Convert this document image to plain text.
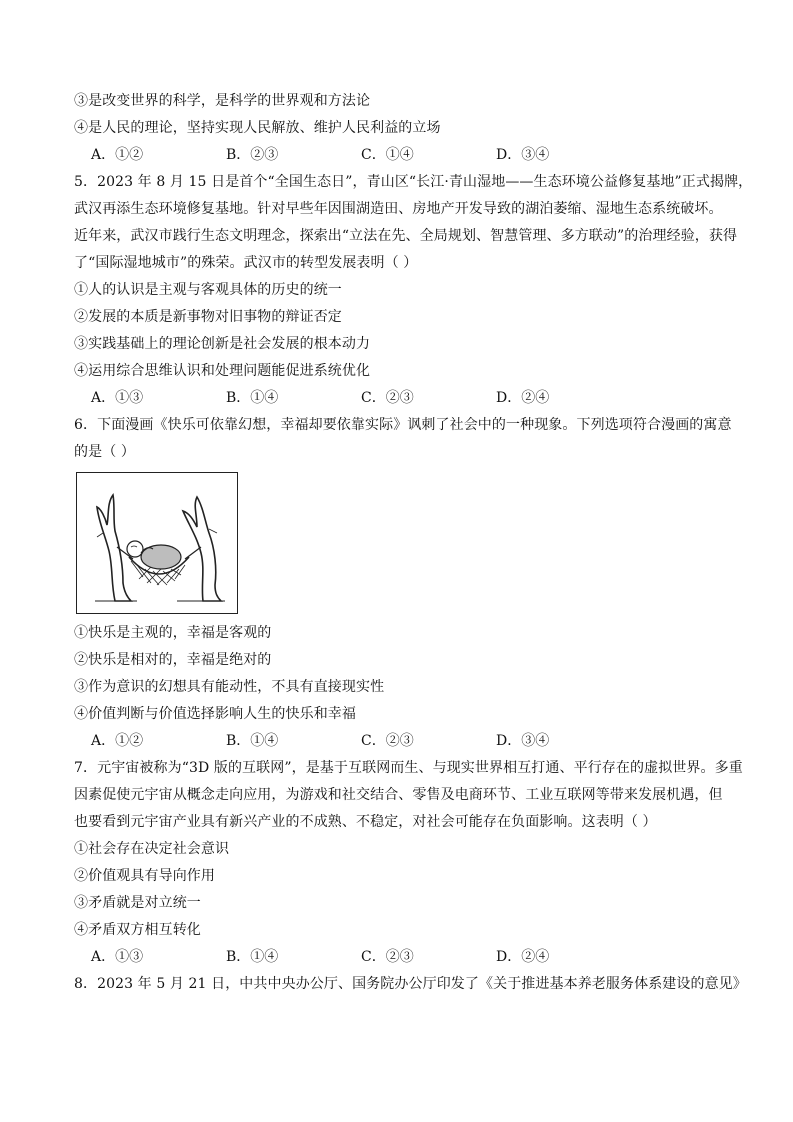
③是改变世界的科学，是科学的世界观和方法论
④是人民的理论，坚持实现人民解放、维护人民利益的立场
A．①②	B．②③	C．①④	D．③④
5．2023 年 8 月 15 日是首个“全国生态日”，青山区“长江·青山湿地——生态环境公益修复基地”正式揭牌，
武汉再添生态环境修复基地。针对早些年因围湖造田、房地产开发导致的湖泊萎缩、湿地生态系统破坏。
近年来，武汉市践行生态文明理念，探索出“立法在先、全局规划、智慧管理、多方联动”的治理经验，获得
了“国际湿地城市”的殊荣。武汉市的转型发展表明（ ）
①人的认识是主观与客观具体的历史的统一
②发展的本质是新事物对旧事物的辩证否定
③实践基础上的理论创新是社会发展的根本动力
④运用综合思维认识和处理问题能促进系统优化
A．①③	B．①④	C．②③	D．②④
6．下面漫画《快乐可依靠幻想，幸福却要依靠实际》讽刺了社会中的一种现象。下列选项符合漫画的寓意
的是（ ）
①快乐是主观的，幸福是客观的
②快乐是相对的，幸福是绝对的
③作为意识的幻想具有能动性，不具有直接现实性
④价值判断与价值选择影响人生的快乐和幸福
A．①②	B．①④	C．②③	D．③④
7．元宇宙被称为“3D 版的互联网”，是基于互联网而生、与现实世界相互打通、平行存在的虚拟世界。多重
因素促使元宇宙从概念走向应用，为游戏和社交结合、零售及电商环节、工业互联网等带来发展机遇，但
也要看到元宇宙产业具有新兴产业的不成熟、不稳定，对社会可能存在负面影响。这表明（ ）
①社会存在决定社会意识
②价值观具有导向作用
③矛盾就是对立统一
④矛盾双方相互转化
A．①③	B．①④	C．②③	D．②④
8．2023 年 5 月 21 日，中共中央办公厅、国务院办公厅印发了《关于推进基本养老服务体系建设的意见》
